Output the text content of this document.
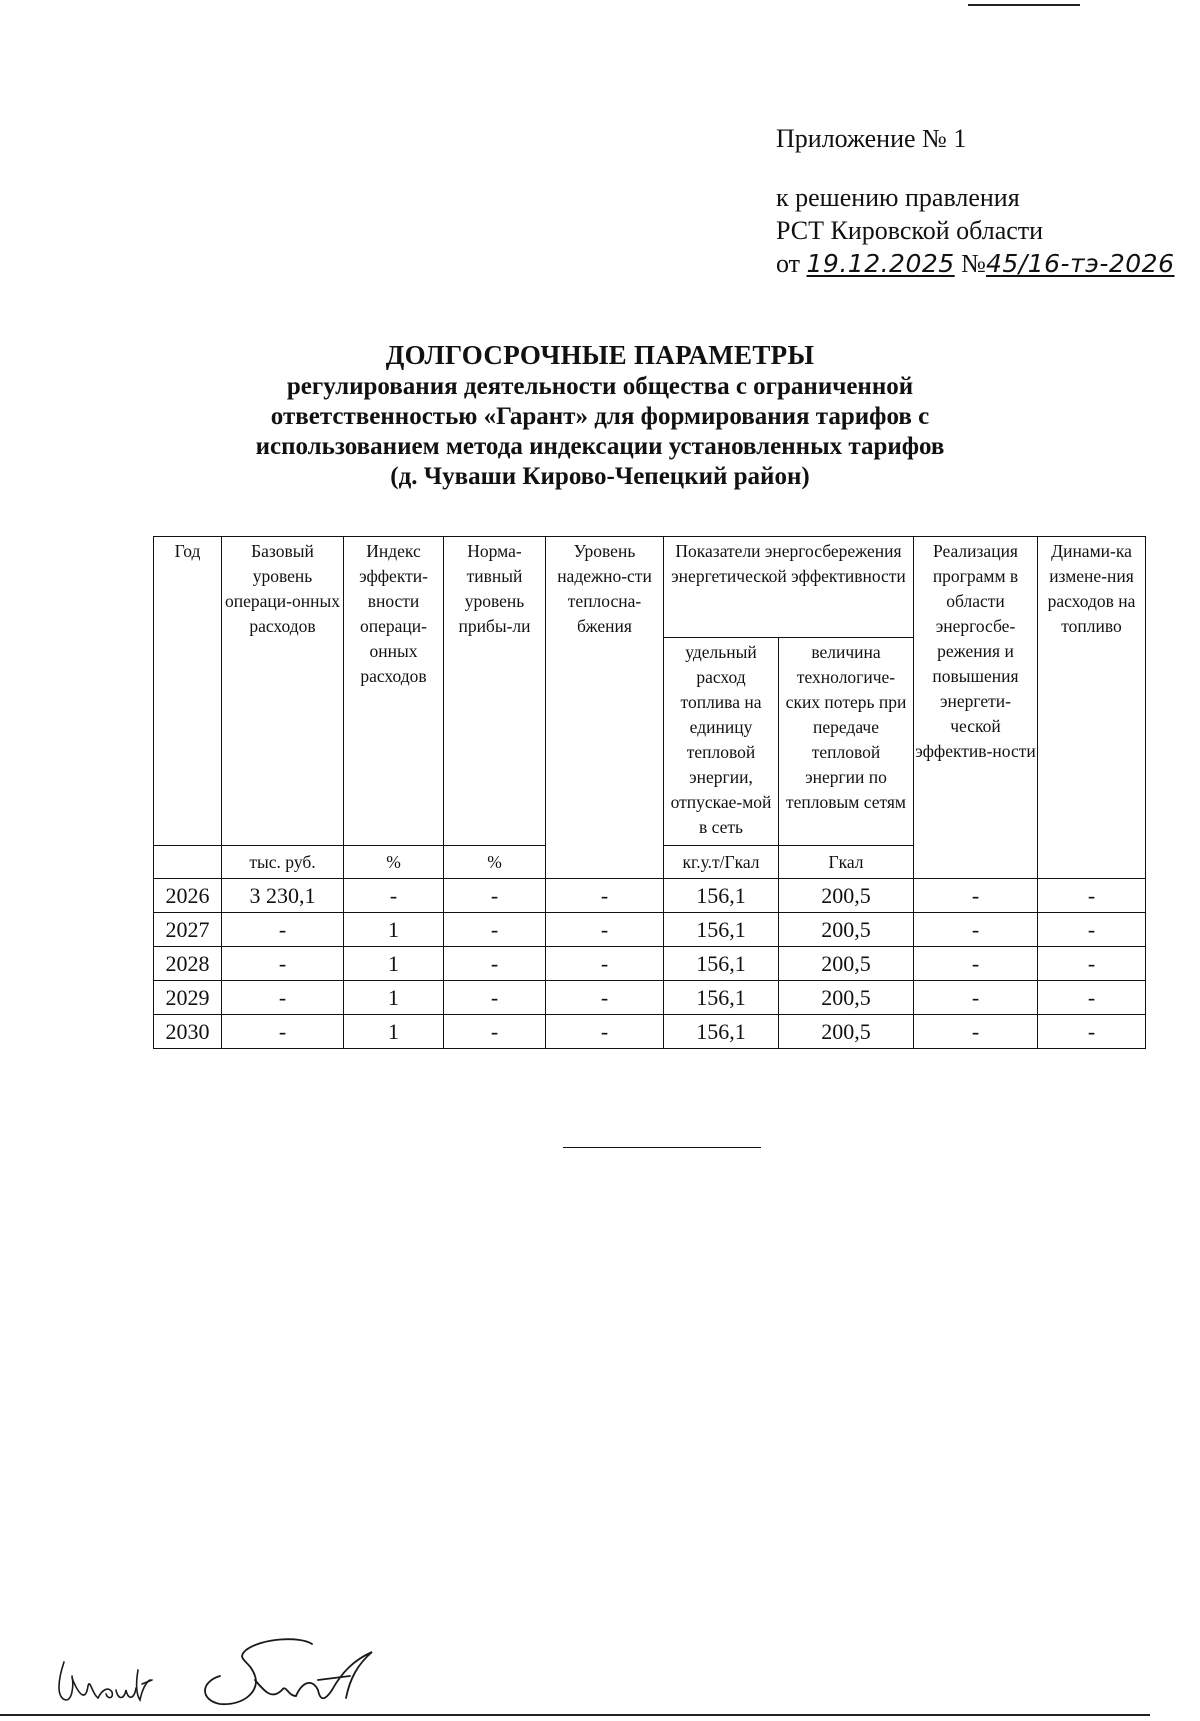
Приложение № 1
к решению правления
РСТ Кировской области
от 19.12.2025 №45/16-тэ-2026
ДОЛГОСРОЧНЫЕ ПАРАМЕТРЫ
регулирования деятельности общества с ограниченной
ответственностью «Гарант» для формирования тарифов с
использованием метода индексации установленных тарифов
(д. Чуваши Кирово-Чепецкий район)
Год	Базовый уровень операци-онных расходов	Индекс эффекти-вности операци-онных расходов	Норма-тивный уровень прибы-ли	Уровень надежно-сти теплосна-бжения	Показатели энергосбережения энергетической эффективности		Реализация программ в области энергосбе-режения и повышения энергети-ческой эффектив-ности	Динами-ка измене-ния расходов на топливо
					удельный расход топлива на единицу тепловой энергии, отпускае-мой в сеть	величина технологиче-ских потерь при передаче тепловой энергии по тепловым сетям		
	тыс. руб.	%	%		кг.у.т/Гкал	Гкал		
2026	3 230,1	-	-	-	156,1	200,5	-	-
2027	-	1	-	-	156,1	200,5	-	-
2028	-	1	-	-	156,1	200,5	-	-
2029	-	1	-	-	156,1	200,5	-	-
2030	-	1	-	-	156,1	200,5	-	-
